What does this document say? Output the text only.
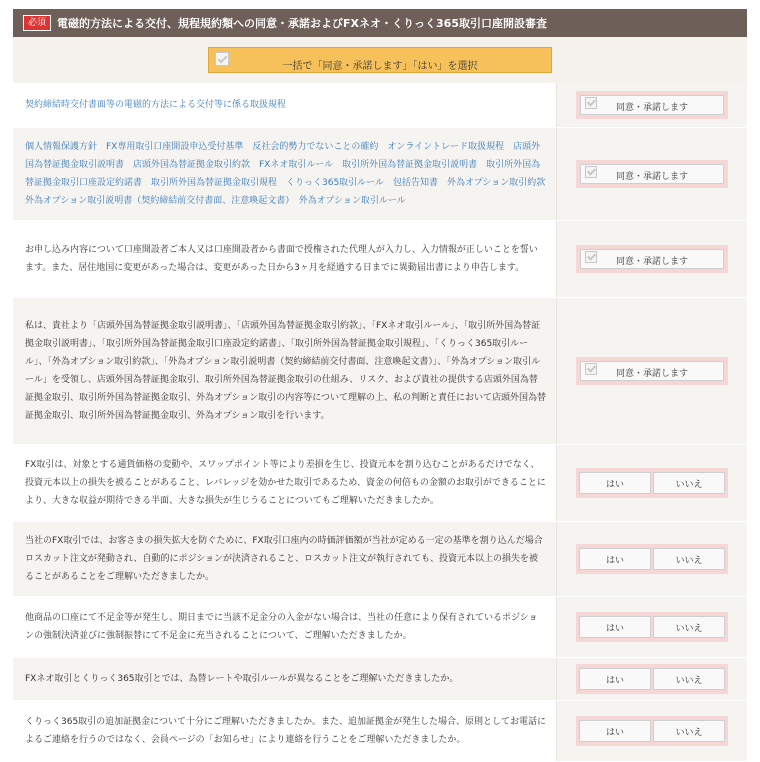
必須	電磁的方法による交付、規程規約類への同意・承諾およびFXネオ・くりっく365取引口座開設審査
一括で「同意・承諾します」「はい」を選択
契約締結時交付書面等の電磁的方法による交付等に係る取扱規程	同意・承諾します
個人情報保護方針　FX専用取引口座開設申込受付基準　反社会的勢力でないことの確約　オンライントレード取扱規程　店頭外国為替証拠金取引説明書　店頭外国為替証拠金取引約款　FXネオ取引ルール　取引所外国為替証拠金取引説明書　取引所外国為替証拠金取引口座設定約諾書　取引所外国為替証拠金取引規程　くりっく365取引ルール　包括告知書　外為オプション取引約款　外為オプション取引説明書（契約締結前交付書面、注意喚起文書）　外為オプション取引ルール
同意・承諾します
お申し込み内容について口座開設者ご本人又は口座開設者から書面で授権された代理人が入力し、入力情報が正しいことを誓います。また、居住地国に変更があった場合は、変更があった日から3ヶ月を経過する日までに異動届出書により申告します。
同意・承諾します
私は、貴社より「店頭外国為替証拠金取引説明書」、「店頭外国為替証拠金取引約款」、「FXネオ取引ルール」、「取引所外国為替証拠金取引説明書」、「取引所外国為替証拠金取引口座設定約諾書」、「取引所外国為替証拠金取引規程」、「くりっく365取引ルール」、「外為オプション取引約款」、「外為オプション取引説明書（契約締結前交付書面、注意喚起文書）」、「外為オプション取引ルール」を受領し、店頭外国為替証拠金取引、取引所外国為替証拠金取引の仕組み、リスク、および貴社の提供する店頭外国為替証拠金取引、取引所外国為替証拠金取引、外為オプション取引の内容等について理解の上、私の判断と責任において店頭外国為替証拠金取引、取引所外国為替証拠金取引、外為オプション取引を行います。
同意・承諾します
FX取引は、対象とする通貨価格の変動や、スワップポイント等により差損を生じ、投資元本を割り込むことがあるだけでなく、投資元本以上の損失を被ることがあること、レバレッジを効かせた取引であるため、資金の何倍もの金額のお取引ができることにより、大きな収益が期待できる半面、大きな損失が生じうることについてもご理解いただきましたか。
はい	いいえ
当社のFX取引では、お客さまの損失拡大を防ぐために、FX取引口座内の時価評価額が当社が定める一定の基準を割り込んだ場合ロスカット注文が発動され、自動的にポジションが決済されること、ロスカット注文が執行されても、投資元本以上の損失を被ることがあることをご理解いただきましたか。
はい	いいえ
他商品の口座にて不足金等が発生し、期日までに当該不足金分の入金がない場合は、当社の任意により保有されているポジションの強制決済並びに強制振替にて不足金に充当されることについて、ご理解いただきましたか。
はい	いいえ
FXネオ取引とくりっく365取引とでは、為替レートや取引ルールが異なることをご理解いただきましたか。	はい	いいえ
くりっく365取引の追加証拠金について十分にご理解いただきましたか。また、追加証拠金が発生した場合、原則としてお電話によるご連絡を行うのではなく、会員ページの「お知らせ」により連絡を行うことをご理解いただきましたか。
はい	いいえ
